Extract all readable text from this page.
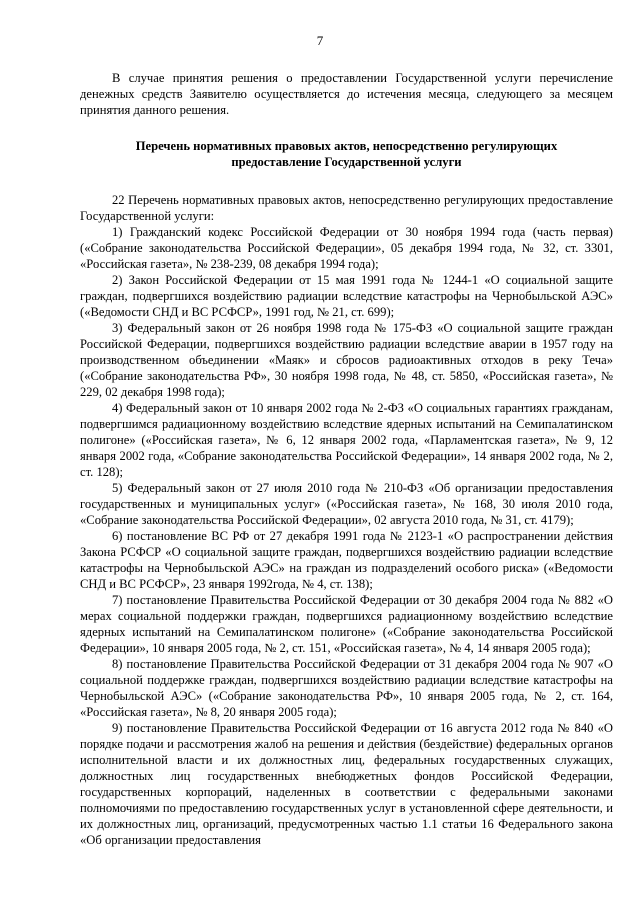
7

В случае принятия решения о предоставлении Государственной услуги перечисление денежных средств Заявителю осуществляется до истечения месяца, следующего за месяцем принятия данного решения.

Перечень нормативных правовых актов, непосредственно регулирующих предоставление Государственной услуги

22 Перечень нормативных правовых актов, непосредственно регулирующих предоставление Государственной услуги:

1) Гражданский кодекс Российской Федерации от 30 ноября 1994 года (часть первая) («Собрание законодательства Российской Федерации», 05 декабря 1994 года, № 32, ст. 3301, «Российская газета», № 238-239, 08 декабря 1994 года);

2) Закон Российской Федерации от 15 мая 1991 года № 1244-1 «О социальной защите граждан, подвергшихся воздействию радиации вследствие катастрофы на Чернобыльской АЭС» («Ведомости СНД и ВС РСФСР», 1991 год, № 21, ст. 699);

3) Федеральный закон от 26 ноября 1998 года № 175-ФЗ «О социальной защите граждан Российской Федерации, подвергшихся воздействию радиации вследствие аварии в 1957 году на производственном объединении «Маяк» и сбросов радиоактивных отходов в реку Теча» («Собрание законодательства РФ», 30 ноября 1998 года, № 48, ст. 5850, «Российская газета», № 229, 02 декабря 1998 года);

4) Федеральный закон от 10 января 2002 года № 2-ФЗ «О социальных гарантиях гражданам, подвергшимся радиационному воздействию вследствие ядерных испытаний на Семипалатинском полигоне» («Российская газета», № 6, 12 января 2002 года, «Парламентская газета», № 9, 12 января 2002 года, «Собрание законодательства Российской Федерации», 14 января 2002 года, № 2, ст. 128);

5) Федеральный закон от 27 июля 2010 года № 210-ФЗ «Об организации предоставления государственных и муниципальных услуг» («Российская газета», № 168, 30 июля 2010 года, «Собрание законодательства Российской Федерации», 02 августа 2010 года, № 31, ст. 4179);

6) постановление ВС РФ от 27 декабря 1991 года № 2123-1 «О распространении действия Закона РСФСР «О социальной защите граждан, подвергшихся воздействию радиации вследствие катастрофы на Чернобыльской АЭС» на граждан из подразделений особого риска» («Ведомости СНД и ВС РСФСР», 23 января 1992года, № 4, ст. 138);

7) постановление Правительства Российской Федерации от 30 декабря 2004 года № 882 «О мерах социальной поддержки граждан, подвергшихся радиационному воздействию вследствие ядерных испытаний на Семипалатинском полигоне» («Собрание законодательства Российской Федерации», 10 января 2005 года, № 2, ст. 151, «Российская газета», № 4, 14 января 2005 года);

8) постановление Правительства Российской Федерации от 31 декабря 2004 года № 907 «О социальной поддержке граждан, подвергшихся воздействию радиации вследствие катастрофы на Чернобыльской АЭС» («Собрание законодательства РФ», 10 января 2005 года, № 2, ст. 164, «Российская газета», № 8, 20 января 2005 года);

9) постановление Правительства Российской Федерации от 16 августа 2012 года № 840 «О порядке подачи и рассмотрения жалоб на решения и действия (бездействие) федеральных органов исполнительной власти и их должностных лиц, федеральных государственных служащих, должностных лиц государственных внебюджетных фондов Российской Федерации, государственных корпораций, наделенных в соответствии с федеральными законами полномочиями по предоставлению государственных услуг в установленной сфере деятельности, и их должностных лиц, организаций, предусмотренных частью 1.1 статьи 16 Федерального закона «Об организации предоставления
